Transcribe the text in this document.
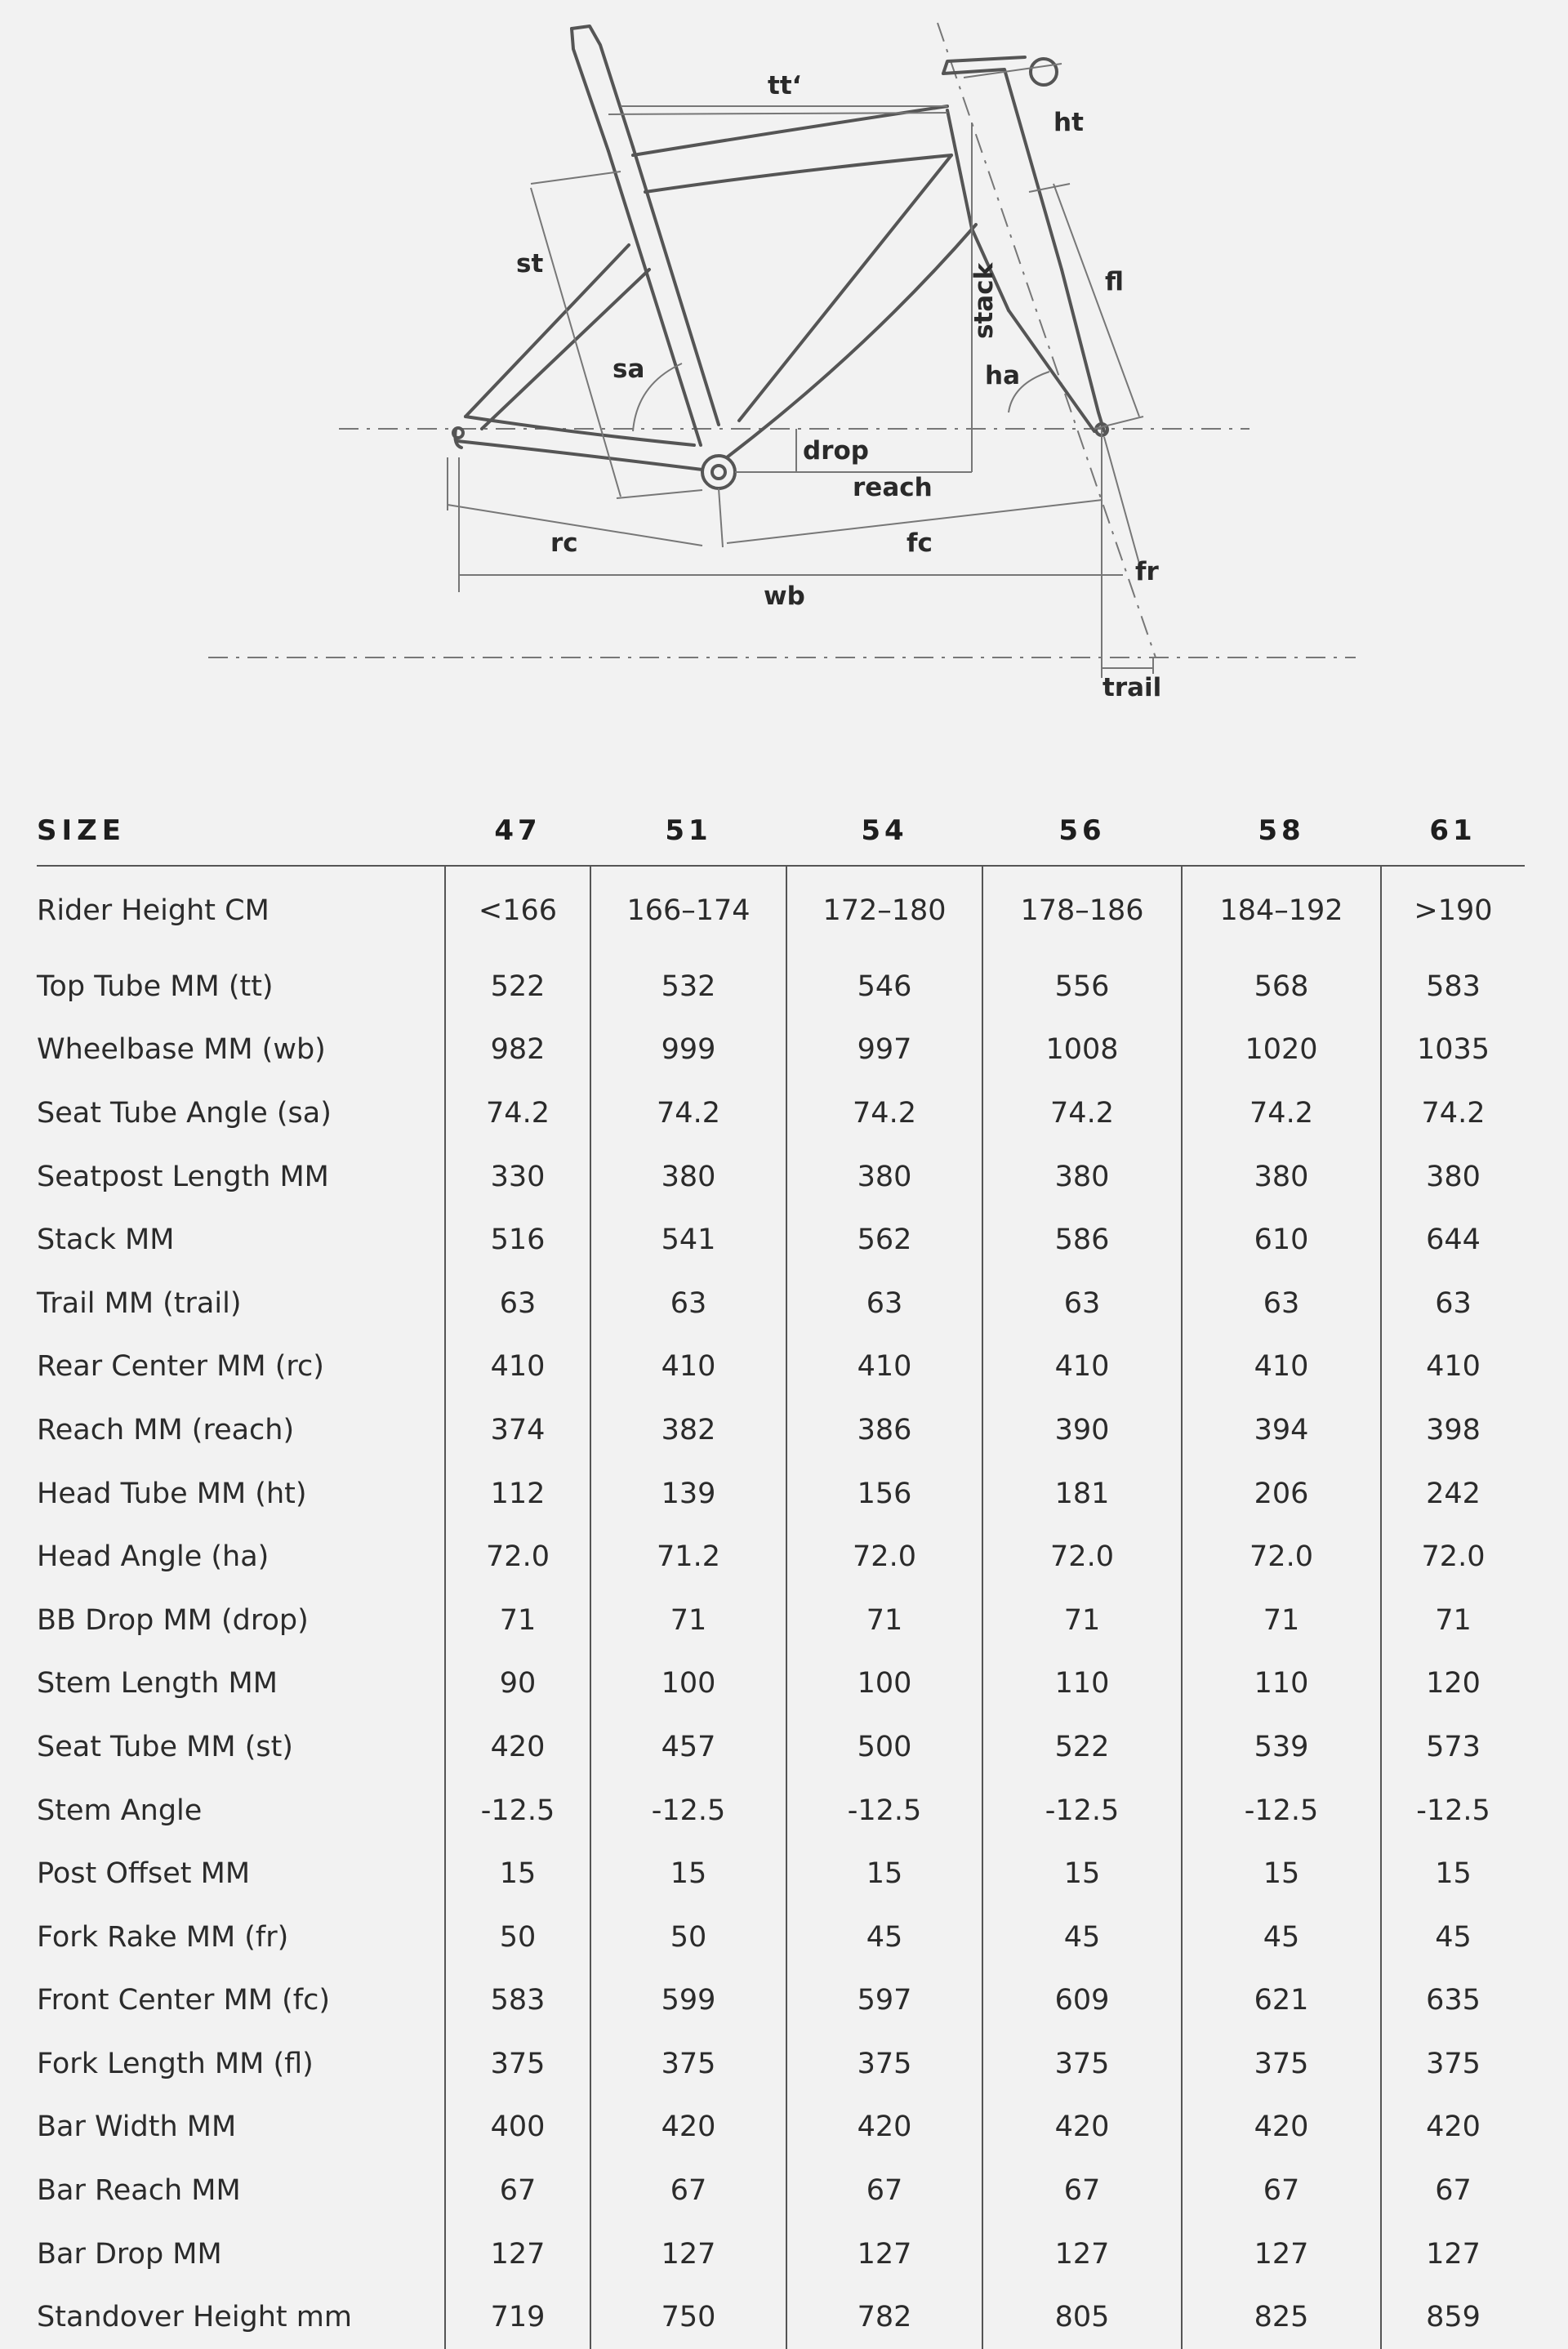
tt‘
ht
st
fl
stack
sa	ha
drop
reach
rc	fc
fr
wb
trail
SIZE	47	51	54	56	58	61
Rider Height CM	<166	166–174	172–180	178–186	184–192	>190
Top Tube MM (tt)	522	532	546	556	568	583
Wheelbase MM (wb)	982	999	997	1008	1020	1035
Seat Tube Angle (sa)	74.2	74.2	74.2	74.2	74.2	74.2
Seatpost Length MM	330	380	380	380	380	380
Stack MM	516	541	562	586	610	644
Trail MM (trail)	63	63	63	63	63	63
Rear Center MM (rc)	410	410	410	410	410	410
Reach MM (reach)	374	382	386	390	394	398
Head Tube MM (ht)	112	139	156	181	206	242
Head Angle (ha)	72.0	71.2	72.0	72.0	72.0	72.0
BB Drop MM (drop)	71	71	71	71	71	71
Stem Length MM	90	100	100	110	110	120
Seat Tube MM (st)	420	457	500	522	539	573
Stem Angle	-12.5	-12.5	-12.5	-12.5	-12.5	-12.5
Post Offset MM	15	15	15	15	15	15
Fork Rake MM (fr)	50	50	45	45	45	45
Front Center MM (fc)	583	599	597	609	621	635
Fork Length MM (fl)	375	375	375	375	375	375
Bar Width MM	400	420	420	420	420	420
Bar Reach MM	67	67	67	67	67	67
Bar Drop MM	127	127	127	127	127	127
Standover Height mm	719	750	782	805	825	859
